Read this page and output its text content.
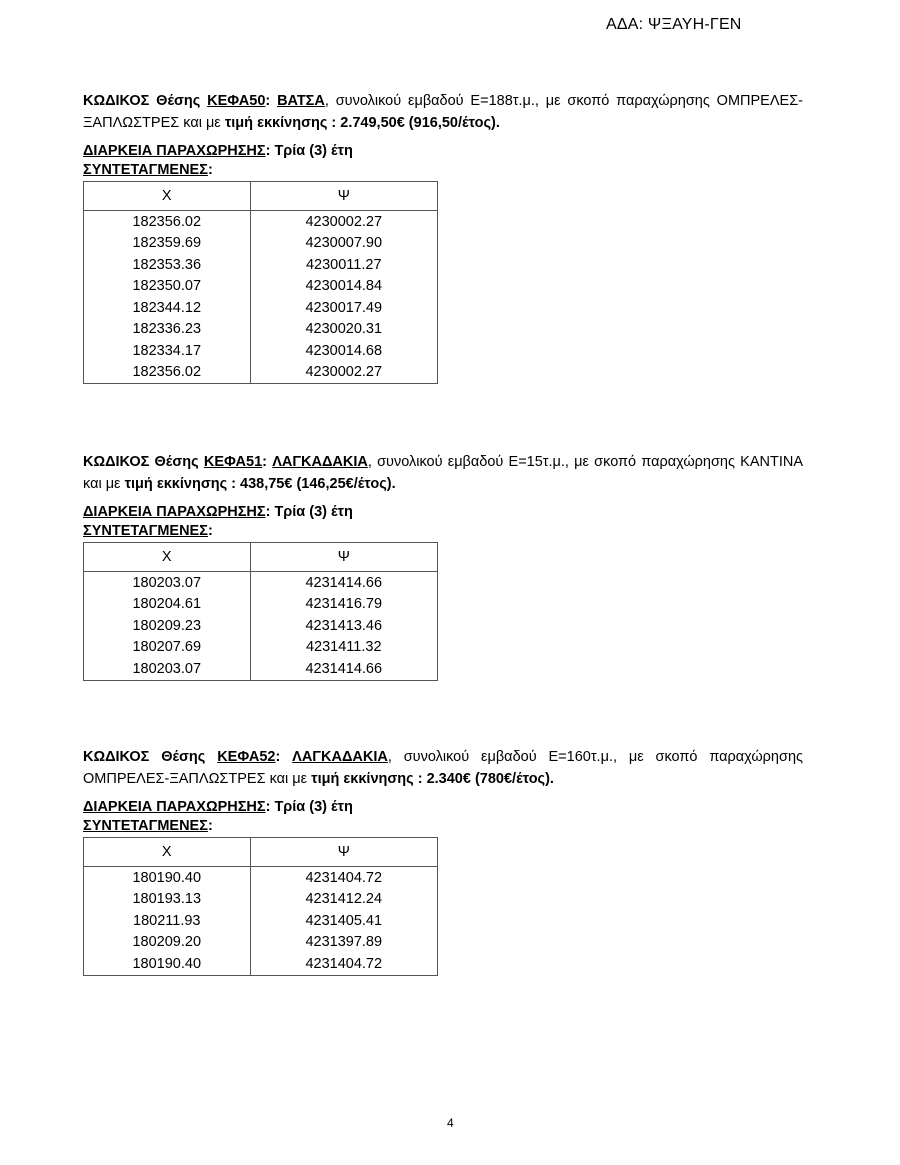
ΑΔΑ: ΨΞΑΥΗ-ΓΕΝ

ΚΩΔΙΚΟΣ Θέσης ΚΕΦΑ50: ΒΑΤΣΑ, συνολικού εμβαδού Ε=188τ.μ., με σκοπό παραχώρησης ΟΜΠΡΕΛΕΣ-ΞΑΠΛΩΣΤΡΕΣ και με τιμή εκκίνησης : 2.749,50€ (916,50/έτος).

ΔΙΑΡΚΕΙΑ ΠΑΡΑΧΩΡΗΣΗΣ: Τρία (3) έτη
ΣΥΝΤΕΤΑΓΜΕΝΕΣ:
Χ	Ψ
182356.02	4230002.27
182359.69	4230007.90
182353.36	4230011.27
182350.07	4230014.84
182344.12	4230017.49
182336.23	4230020.31
182334.17	4230014.68
182356.02	4230002.27

ΚΩΔΙΚΟΣ Θέσης ΚΕΦΑ51: ΛΑΓΚΑΔΑΚΙΑ, συνολικού εμβαδού Ε=15τ.μ., με σκοπό παραχώρησης ΚΑΝΤΙΝΑ και με τιμή εκκίνησης : 438,75€ (146,25€/έτος).

ΔΙΑΡΚΕΙΑ ΠΑΡΑΧΩΡΗΣΗΣ: Τρία (3) έτη
ΣΥΝΤΕΤΑΓΜΕΝΕΣ:
Χ	Ψ
180203.07	4231414.66
180204.61	4231416.79
180209.23	4231413.46
180207.69	4231411.32
180203.07	4231414.66

ΚΩΔΙΚΟΣ Θέσης ΚΕΦΑ52: ΛΑΓΚΑΔΑΚΙΑ, συνολικού εμβαδού Ε=160τ.μ., με σκοπό παραχώρησης ΟΜΠΡΕΛΕΣ-ΞΑΠΛΩΣΤΡΕΣ και με τιμή εκκίνησης : 2.340€ (780€/έτος).

ΔΙΑΡΚΕΙΑ ΠΑΡΑΧΩΡΗΣΗΣ: Τρία (3) έτη
ΣΥΝΤΕΤΑΓΜΕΝΕΣ:
Χ	Ψ
180190.40	4231404.72
180193.13	4231412.24
180211.93	4231405.41
180209.20	4231397.89
180190.40	4231404.72
4
